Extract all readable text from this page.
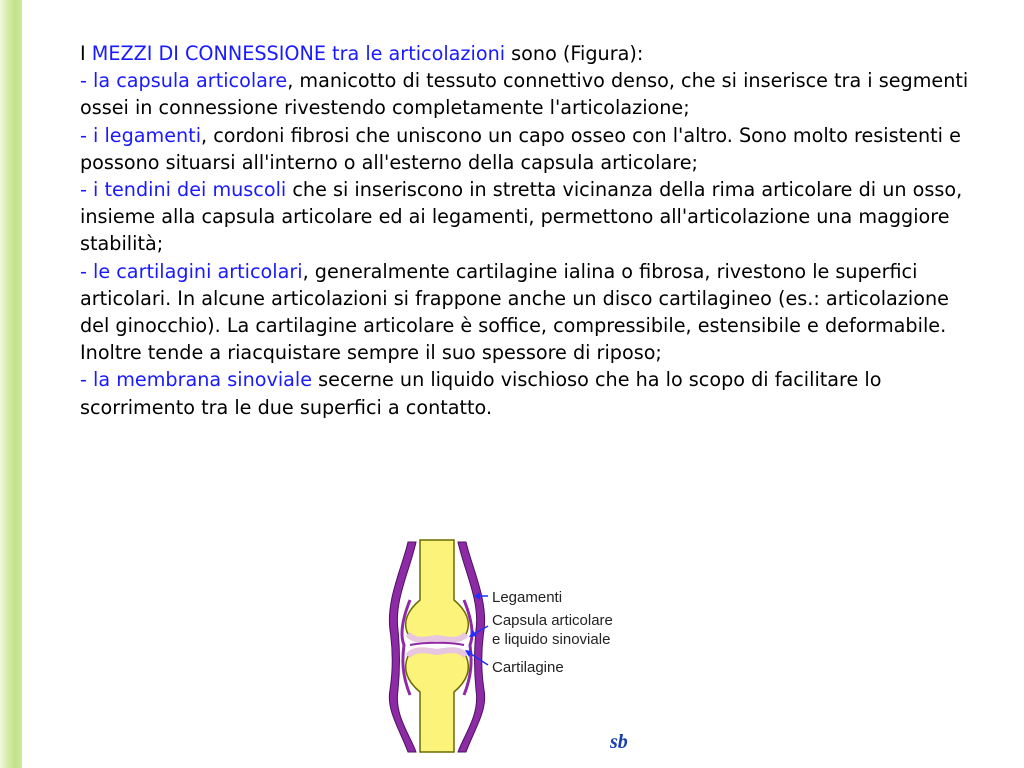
I MEZZI DI CONNESSIONE tra le articolazioni sono (Figura):

- la capsula articolare, manicotto di tessuto connettivo denso, che si inserisce tra i segmenti ossei in connessione rivestendo completamente l'articolazione;

- i legamenti, cordoni fibrosi che uniscono un capo osseo con l'altro. Sono molto resistenti e possono situarsi all'interno o all'esterno della capsula articolare;

- i tendini dei muscoli che si inseriscono in stretta vicinanza della rima articolare di un osso, insieme alla capsula articolare ed ai legamenti, permettono all'articolazione una maggiore stabilità;

- le cartilagini articolari, generalmente cartilagine ialina o fibrosa, rivestono le superfici articolari. In alcune articolazioni si frappone anche un disco cartilagineo (es.: articolazione del ginocchio). La cartilagine articolare è soffice, compressibile, estensibile e deformabile. Inoltre tende a riacquistare sempre il suo spessore di riposo;

- la membrana sinoviale secerne un liquido vischioso che ha lo scopo di facilitare lo scorrimento tra le due superfici a contatto.

Legamenti
Capsula articolare
e liquido sinoviale
Cartilagine
sb
